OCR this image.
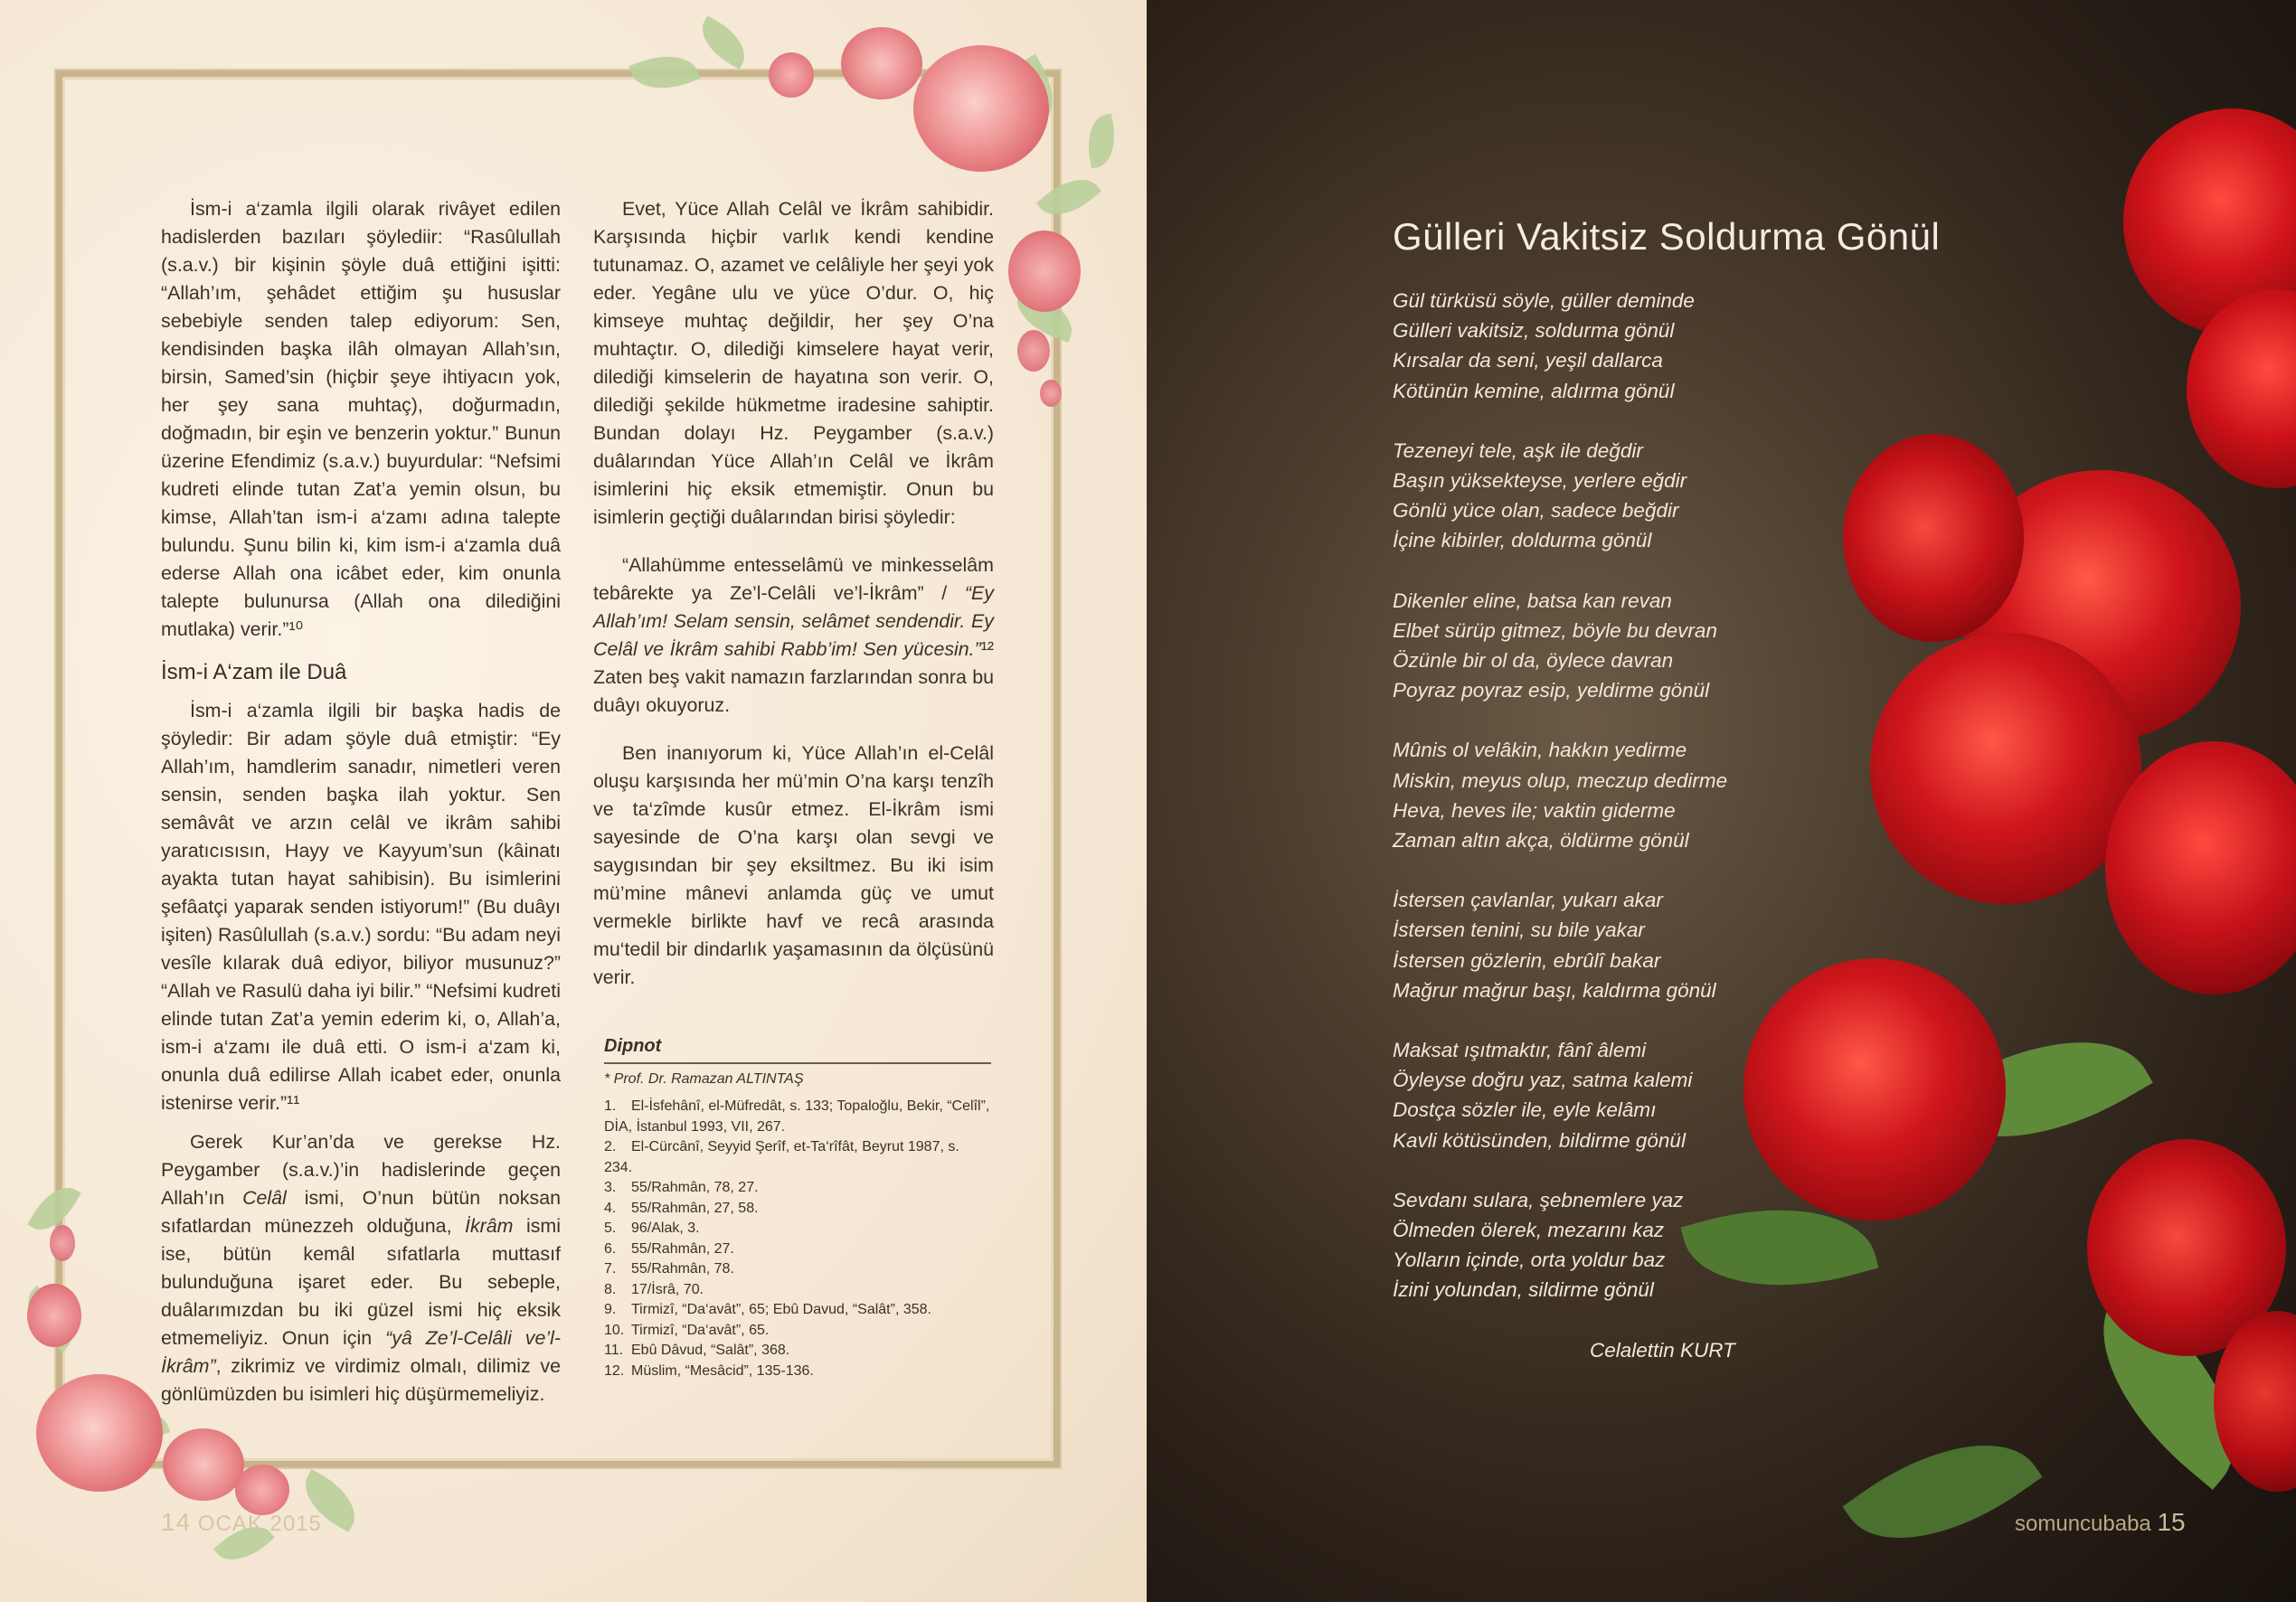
İsm-i a‘zamla ilgili olarak rivâyet edilen hadislerden bazıları şöylediir: “Rasûlullah (s.a.v.) bir kişinin şöyle duâ ettiğini işitti: “Allah’ım, şehâdet ettiğim şu hususlar sebebiyle senden talep ediyorum: Sen, kendisinden başka ilâh olmayan Allah’sın, birsin, Samed’sin (hiçbir şeye ihtiyacın yok, her şey sana muhtaç), doğurmadın, doğmadın, bir eşin ve benzerin yoktur.” Bunun üzerine Efendimiz (s.a.v.) buyurdular: “Nefsimi kudreti elinde tutan Zat’a yemin olsun, bu kimse, Allah’tan ism-i a‘zamı adına talepte bulundu. Şunu bilin ki, kim ism-i a‘zamla duâ ederse Allah ona icâbet eder, kim onunla talepte bulunursa (Allah ona dilediğini mutlaka) verir.”¹⁰

İsm-i A‘zam ile Duâ

İsm-i a‘zamla ilgili bir başka hadis de şöyledir: Bir adam şöyle duâ etmiştir: “Ey Allah’ım, hamdlerim sanadır, nimetleri veren sensin, senden başka ilah yoktur. Sen semâvât ve arzın celâl ve ikrâm sahibi yaratıcısısın, Hayy ve Kayyum’sun (kâinatı ayakta tutan hayat sahibisin). Bu isimlerini şefâatçi yaparak senden istiyorum!” (Bu duâyı işiten) Rasûlullah (s.a.v.) sordu: “Bu adam neyi vesîle kılarak duâ ediyor, biliyor musunuz?” “Allah ve Rasulü daha iyi bilir.” “Nefsimi kudreti elinde tutan Zat’a yemin ederim ki, o, Allah’a, ism-i a‘zamı ile duâ etti. O ism-i a‘zam ki, onunla duâ edilirse Allah icabet eder, onunla istenirse verir.”¹¹

Gerek Kur’an’da ve gerekse Hz. Peygamber (s.a.v.)’in hadislerinde geçen Allah’ın Celâl ismi, O’nun bütün noksan sıfatlardan münezzeh olduğuna, İkrâm ismi ise, bütün kemâl sıfatlarla muttasıf bulunduğuna işaret eder. Bu sebeple, duâlarımızdan bu iki güzel ismi hiç eksik etmemeliyiz. Onun için “yâ Ze’l-Celâli ve’l-İkrâm”, zikrimiz ve virdimiz olmalı, dilimiz ve gönlümüzden bu isimleri hiç düşürmemeliyiz.

Evet, Yüce Allah Celâl ve İkrâm sahibidir. Karşısında hiçbir varlık kendi kendine tutunamaz. O, azamet ve celâliyle her şeyi yok eder. Yegâne ulu ve yüce O’dur. O, hiç kimseye muhtaç değildir, her şey O’na muhtaçtır. O, dilediği kimselere hayat verir, dilediği kimselerin de hayatına son verir. O, dilediği şekilde hükmetme iradesine sahiptir. Bundan dolayı Hz. Peygamber (s.a.v.) duâlarından Yüce Allah’ın Celâl ve İkrâm isimlerini hiç eksik etmemiştir. Onun bu isimlerin geçtiği duâlarından birisi şöyledir:

“Allahümme entesselâmü ve minkesselâm tebârekte ya Ze’l-Celâli ve’l-İkrâm” / “Ey Allah’ım! Selam sensin, selâmet sendendir. Ey Celâl ve İkrâm sahibi Rabb’im! Sen yücesin.”¹² Zaten beş vakit namazın farzlarından sonra bu duâyı okuyoruz.

Ben inanıyorum ki, Yüce Allah’ın el-Celâl oluşu karşısında her mü’min O’na karşı tenzîh ve ta‘zîmde kusûr etmez. El-İkrâm ismi sayesinde de O’na karşı olan sevgi ve saygısından bir şey eksiltmez. Bu iki isim mü’mine mânevi anlamda güç ve umut vermekle birlikte havf ve recâ arasında mu‘tedil bir dindarlık yaşamasının da ölçüsünü verir.

Dipnot
* Prof. Dr. Ramazan ALTINTAŞ
1. El-İsfehânî, el-Müfredât, s. 133; Topaloğlu, Bekir, “Celîl”, DİA, İstanbul 1993, VII, 267.
2. El-Cürcânî, Seyyid Şerîf, et-Ta‘rîfât, Beyrut 1987, s. 234.
3. 55/Rahmân, 78, 27.
4. 55/Rahmân, 27, 58.
5. 96/Alak, 3.
6. 55/Rahmân, 27.
7. 55/Rahmân, 78.
8. 17/İsrâ, 70.
9. Tirmizî, “Da‘avât”, 65; Ebû Davud, “Salât”, 358.
10. Tirmizî, “Da‘avât”, 65.
11. Ebû Dâvud, “Salât”, 368.
12. Müslim, “Mesâcid”, 135-136.
14 OCAK 2015
Gülleri Vakitsiz Soldurma Gönül
Gül türküsü söyle, güller deminde
Gülleri vakitsiz, soldurma gönül
Kırsalar da seni, yeşil dallarca
Kötünün kemine, aldırma gönül
Tezeneyi tele, aşk ile değdir
Başın yüksekteyse, yerlere eğdir
Gönlü yüce olan, sadece beğdir
İçine kibirler, doldurma gönül
Dikenler eline, batsa kan revan
Elbet sürüp gitmez, böyle bu devran
Özünle bir ol da, öylece davran
Poyraz poyraz esip, yeldirme gönül
Mûnis ol velâkin, hakkın yedirme
Miskin, meyus olup, meczup dedirme
Heva, heves ile; vaktin giderme
Zaman altın akça, öldürme gönül
İstersen çavlanlar, yukarı akar
İstersen tenini, su bile yakar
İstersen gözlerin, ebrûlî bakar
Mağrur mağrur başı, kaldırma gönül
Maksat ışıtmaktır, fânî âlemi
Öyleyse doğru yaz, satma kalemi
Dostça sözler ile, eyle kelâmı
Kavli kötüsünden, bildirme gönül
Sevdanı sulara, şebnemlere yaz
Ölmeden ölerek, mezarını kaz
Yolların içinde, orta yoldur baz
İzini yolundan, sildirme gönül
Celalettin KURT
somuncubaba 15
